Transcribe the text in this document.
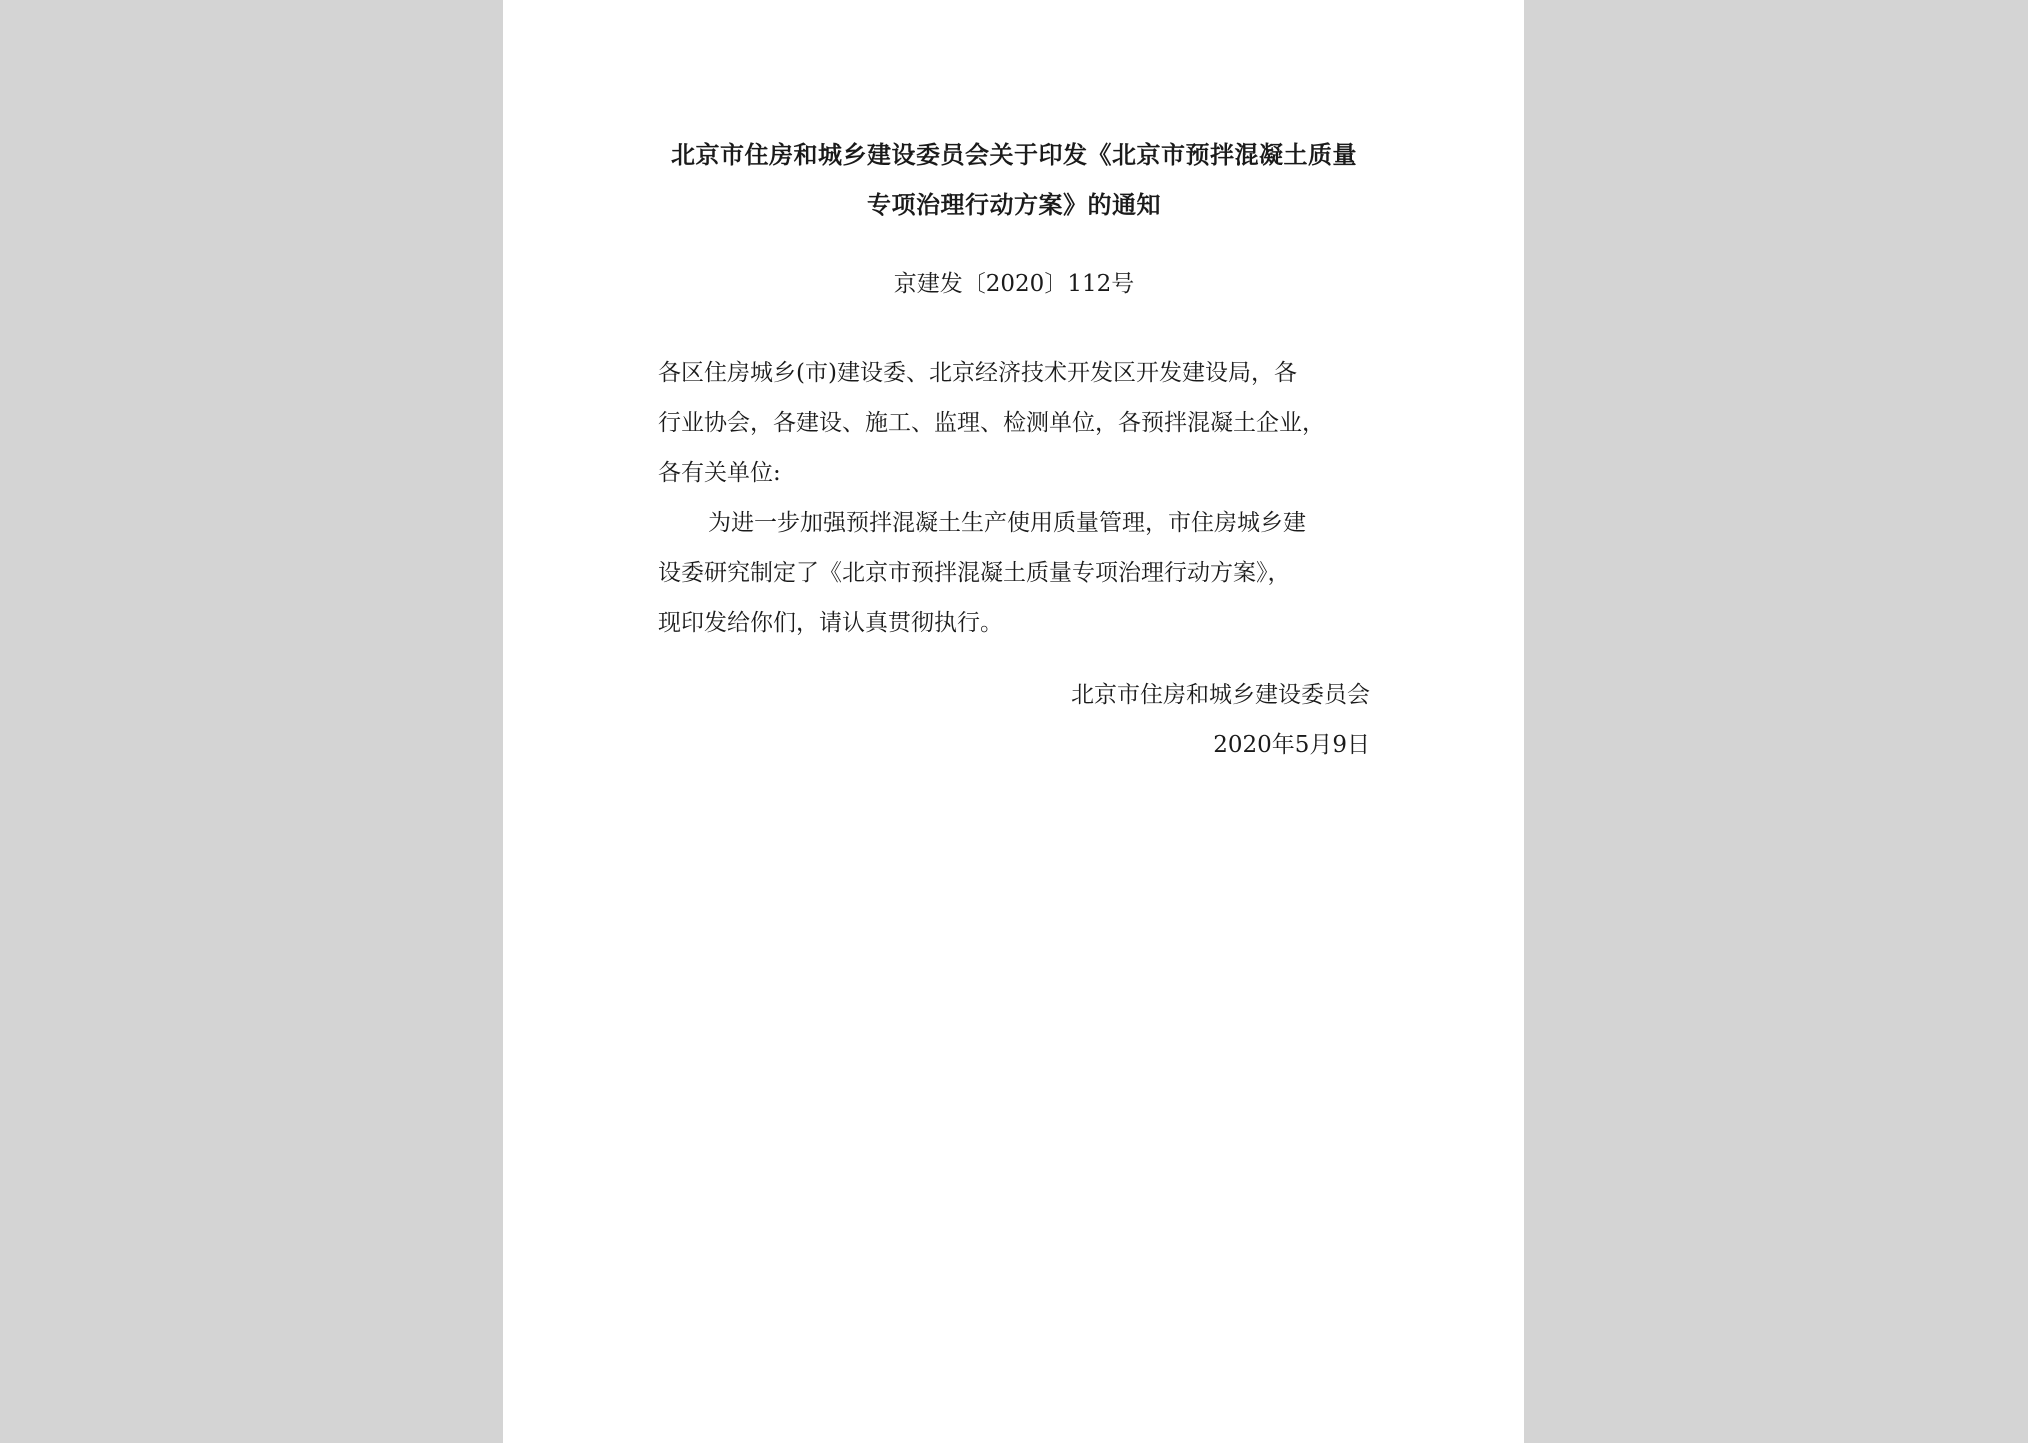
北京市住房和城乡建设委员会关于印发《北京市预拌混凝土质量
专项治理行动方案》的通知
京建发〔2020〕112号
各区住房城乡(市)建设委、北京经济技术开发区开发建设局，各
行业协会，各建设、施工、监理、检测单位，各预拌混凝土企业，
各有关单位:
为进一步加强预拌混凝土生产使用质量管理，市住房城乡建
设委研究制定了《北京市预拌混凝土质量专项治理行动方案》，
现印发给你们，请认真贯彻执行。
北京市住房和城乡建设委员会
2020年5月9日
